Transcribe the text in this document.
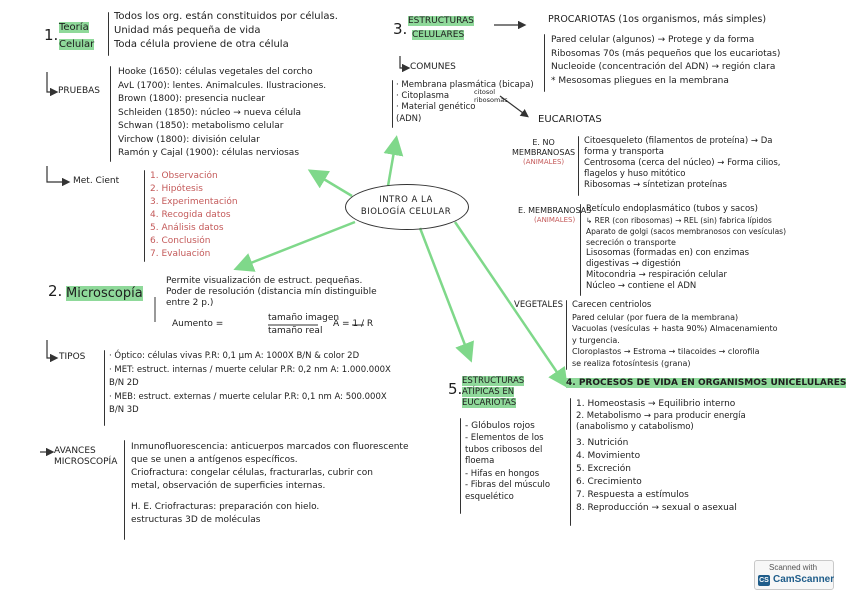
INTRO A LA BIOLOGÍA CELULAR
1. Teoría
Celular
Todos los org. están constituidos por células.
Unidad más pequeña de vida
Toda célula proviene de otra célula
PRUEBAS
Hooke (1650): células vegetales del corcho
AvL (1700): lentes. Animalcules. Ilustraciones.
Brown (1800): presencia nuclear
Schleiden (1850): núcleo → nueva célula
Schwan (1850): metabolismo celular
Virchow (1800): división celular
Ramón y Cajal (1900): células nerviosas
Met. Cient	1. Observación
2. Hipótesis
3. Experimentación
4. Recogida datos
5. Análisis datos
6. Conclusión
7. Evaluación
2. Microscopía
Permite visualización de estruct. pequeñas.
Poder de resolución (distancia mín distinguible
entre 2 p.)
Aumento =
tamaño imagen
tamaño real
A = 1 / R
TIPOS	· Óptico: células vivas P.R: 0,1 μm A: 1000X B/N & color 2D
· MET: estruct. internas / muerte celular P.R: 0,2 nm A: 1.000.000X
B/N 2D
· MEB: estruct. externas / muerte celular P.R: 0,1 nm A: 500.000X
B/N 3D
AVANCES
MICROSCOPÍA
Inmunofluorescencia: anticuerpos marcados con fluorescente
que se unen a antígenos específicos.
Criofractura: congelar células, fracturarlas, cubrir con
metal, observación de superficies internas.
H. E. Criofracturas: preparación con hielo.
estructuras 3D de moléculas
3. ESTRUCTURAS
CELULARES
COMUNES
· Membrana plasmática (bicapa)
· Citoplasma
· Material genético
(ADN)
citosol
ribosomas
PROCARIOTAS (1os organismos, más simples)
Pared celular (algunos) → Protege y da forma
Ribosomas 70s (más pequeños que los eucariotas)
Nucleoide (concentración del ADN) → región clara
* Mesosomas pliegues en la membrana
EUCARIOTAS
E. NO
MEMBRANOSAS
(ANIMALES)
Citoesqueleto (filamentos de proteína) → Da
forma y transporta
Centrosoma (cerca del núcleo) → Forma cilios,
flagelos y huso mitótico
Ribosomas → síntetizan proteínas
E. MEMBRANOSAS
(ANIMALES)
Retículo endoplasmático (tubos y sacos)
↳ RER (con ribosomas) → REL (sin) fabrica lípidos
Aparato de golgi (sacos membranosos con vesículas)
secreción o transporte
Lisosomas (formadas en) con enzimas
digestivas → digestión
Mitocondria → respiración celular
Núcleo → contiene el ADN
VEGETALES Carecen centriolos
Pared celular (por fuera de la membrana)
Vacuolas (vesículas + hasta 90%) Almacenamiento
y turgencia.
Cloroplastos → Estroma → tilacoides → clorofila
se realiza fotosíntesis (grana)
4. PROCESOS DE VIDA EN ORGANISMOS UNICELULARES
1. Homeostasis → Equilibrio interno
2. Metabolismo → para producir energía
(anabolismo y catabolismo)
3. Nutrición
4. Movimiento
5. Excreción
6. Crecimiento
7. Respuesta a estímulos
8. Reproducción → sexual o asexual
5. ESTRUCTURAS
ATÍPICAS EN
EUCARIOTAS
- Glóbulos rojos
- Elementos de los
tubos cribosos del
floema
- Hifas en hongos
- Fibras del músculo
esquelético
Scanned with
CS CamScanner
